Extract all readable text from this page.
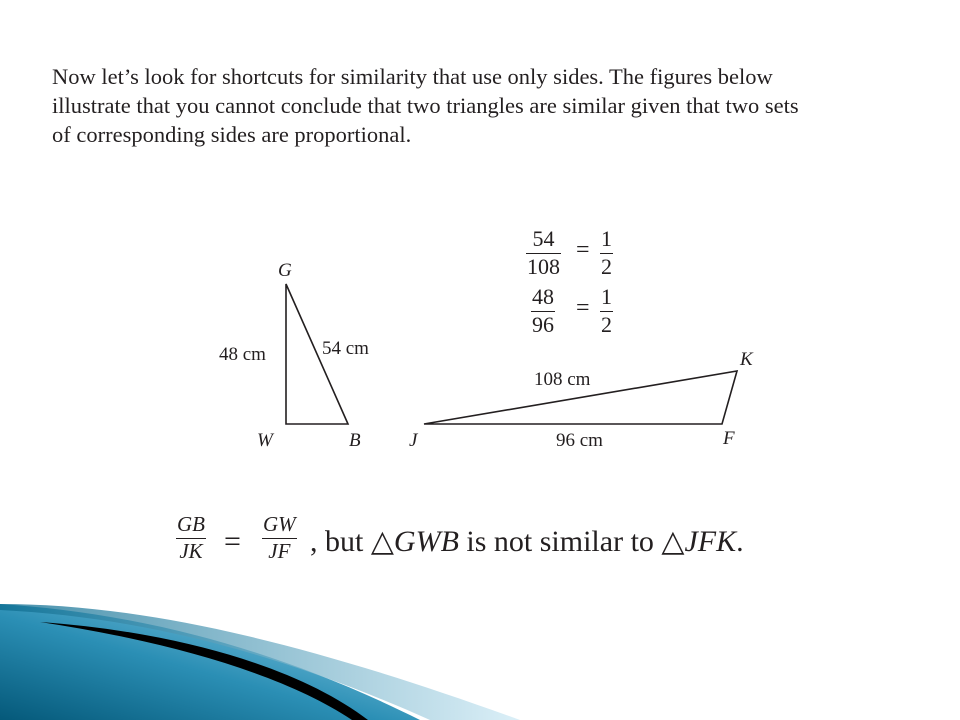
Now let’s look for shortcuts for similarity that use only sides. The figures below
illustrate that you cannot conclude that two triangles are similar given that two sets
of corresponding sides are proportional.

54
108
= 1
2
48
96
= 1
2
G
W	B
48 cm	54 cm
J	F
K
108 cm
96 cm
GB
JK =
GW
JF , but △GWB is not similar to △JFK.
